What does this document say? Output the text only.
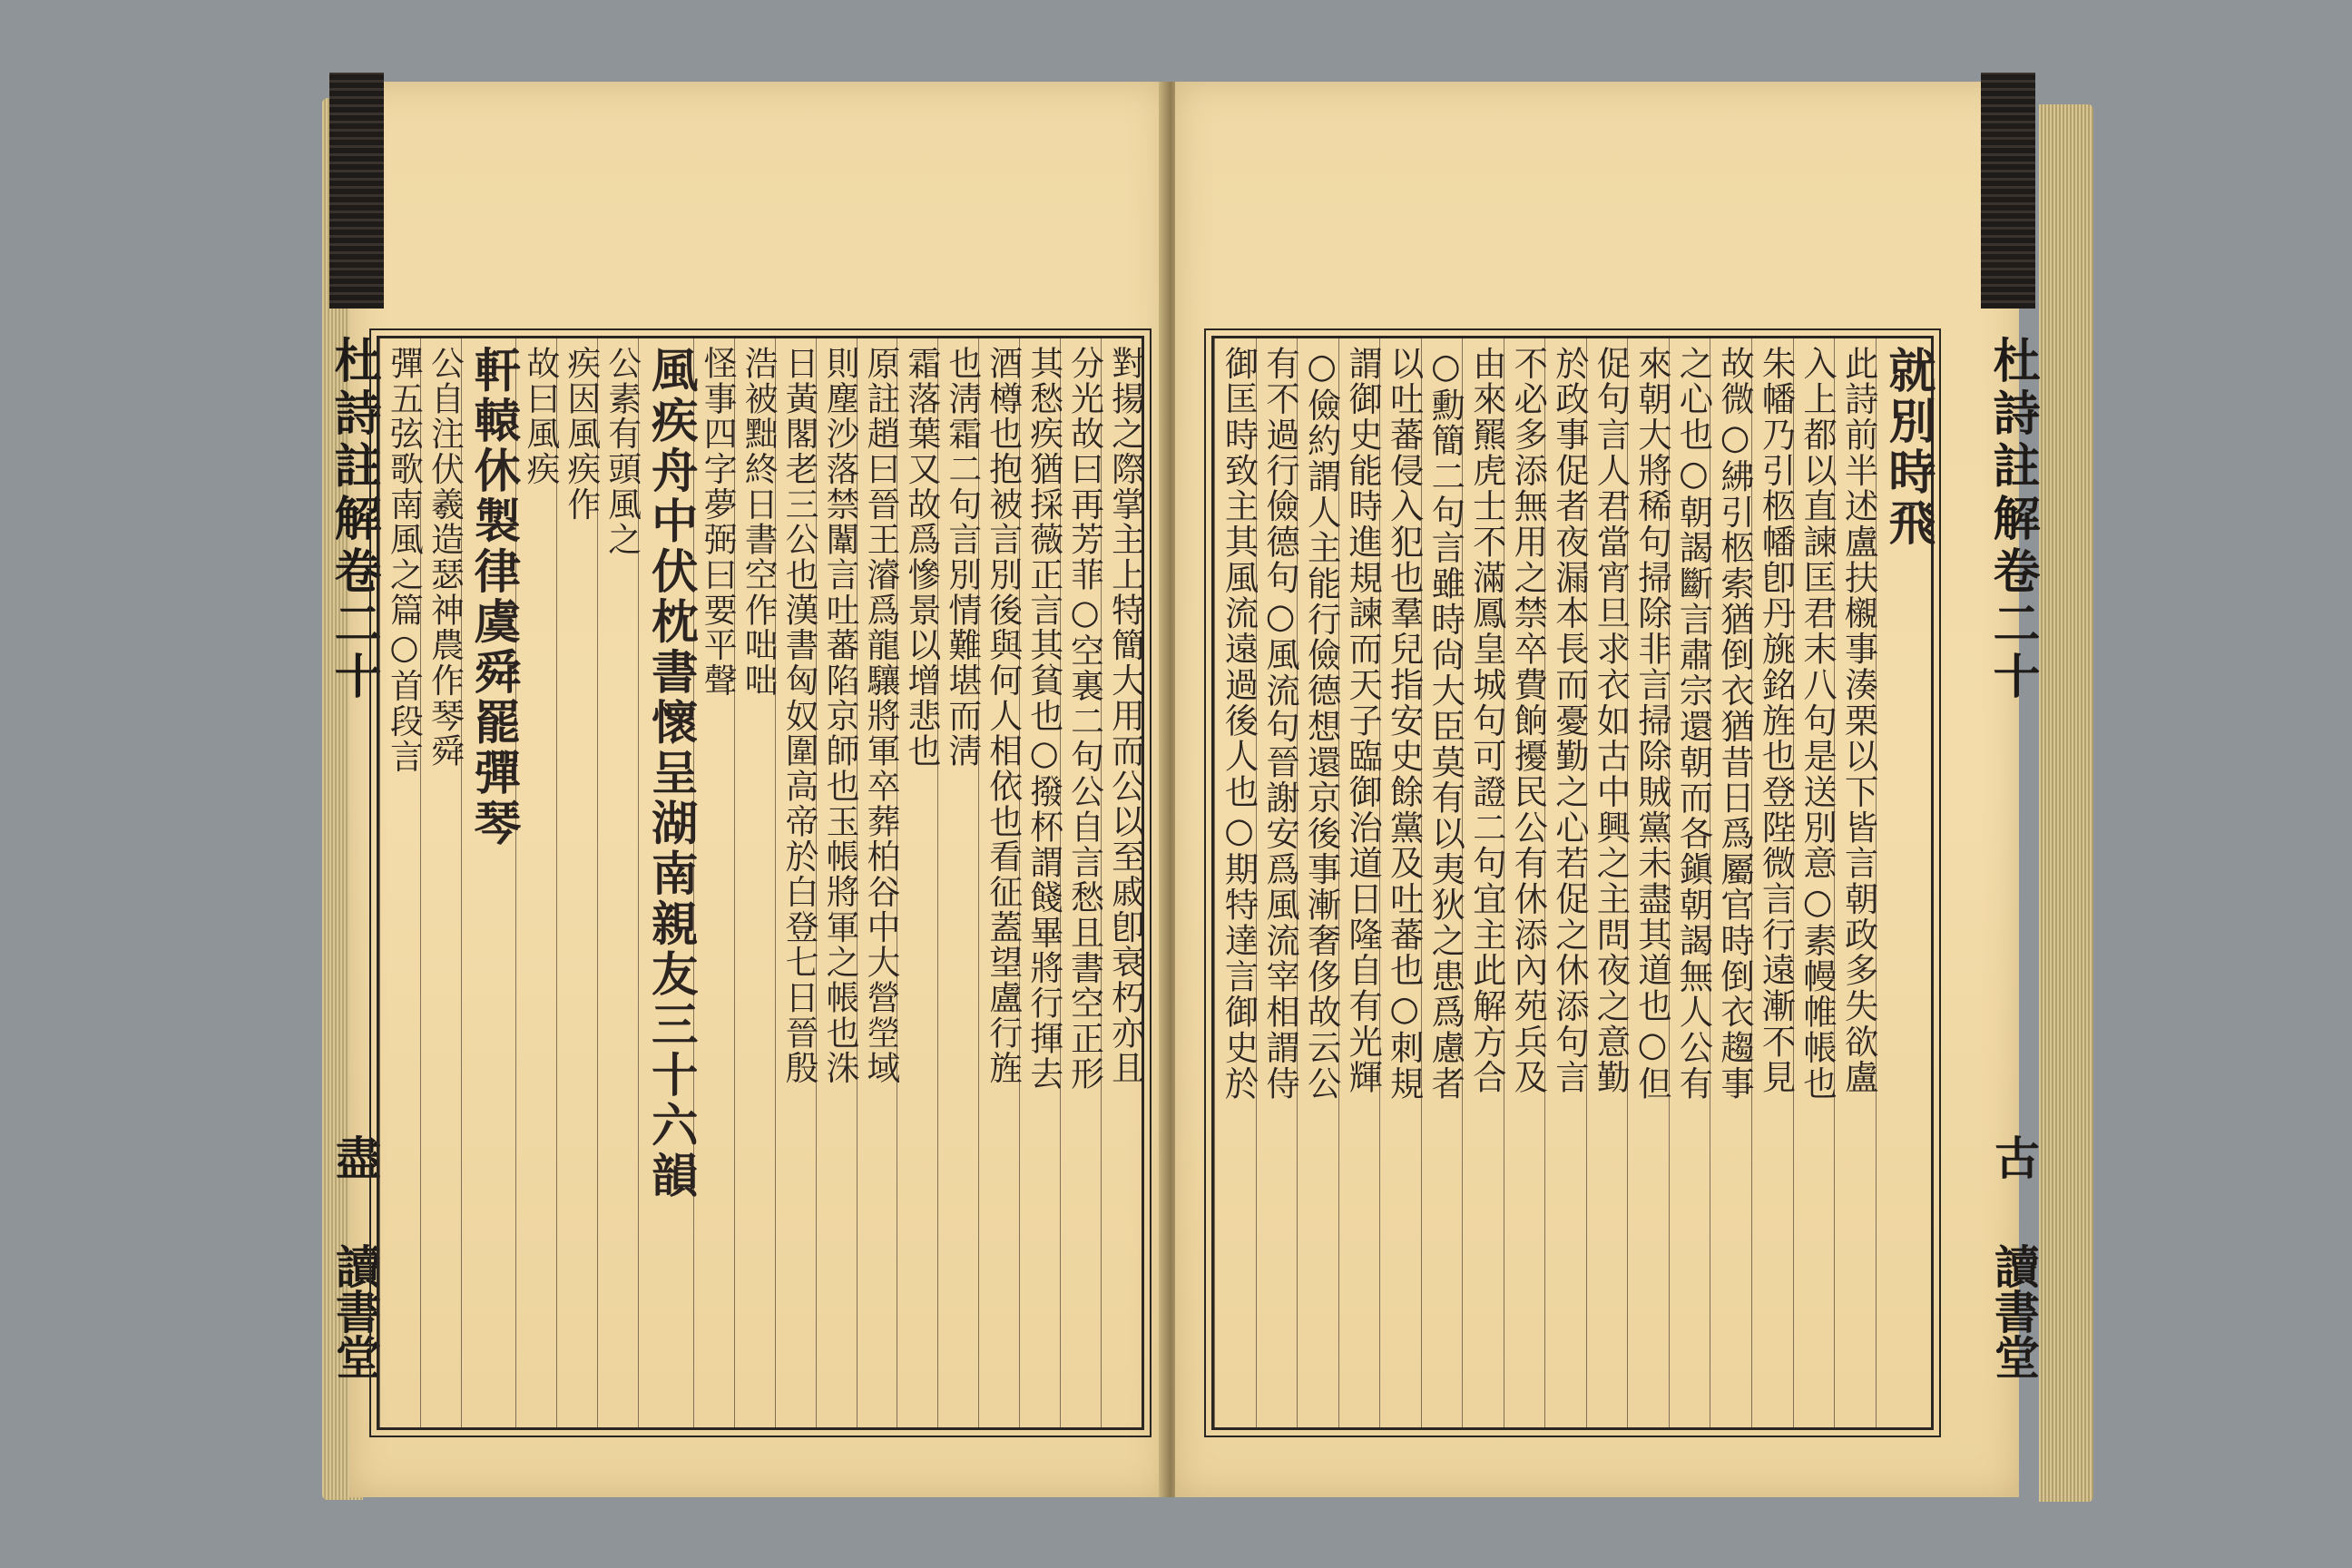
杜詩註解卷二十
盡
讀書堂
對揚之際掌主上特簡大用而公以至戚卽衰朽亦且
分光故曰再芳菲○空裏二句公自言愁且書空正形
其愁疾猶採薇正言其貧也○撥杯謂餞畢將行揮去
酒樽也抱被言別後與何人相依也看征蓋望盧行旌
也淸霜二句言別情難堪而淸
霜落葉又故爲慘景以增悲也
原註趙曰晉王濬爲龍驤將軍卒葬柏谷中大營塋域
則塵沙落禁闈言吐蕃陷京師也玉帳將軍之帳也洙
日黃閣老三公也漢書匈奴圍高帝於白登七日晉殷
浩被黜終日書空作咄咄
怪事四字夢弼曰要平聲
風疾舟中伏枕書懷呈湖南親友三十六韻
公素有頭風之
疾因風疾作
故曰風疾
軒轅休製律虞舜罷彈琴
公自注伏羲造瑟神農作琴舜
彈五弦歌南風之篇○首段言	杜詩註解卷二十
古
讀書堂
就別時飛
此詩前半述盧扶櫬事湊栗以下皆言朝政多失欲盧
入上都以直諫匡君末八句是送別意○素幔帷帳也
朱幡乃引柩幡卽丹旐銘旌也登陛微言行遠漸不見
故微○紼引柩索猶倒衣猶昔日爲屬官時倒衣趨事
之心也○朝謁斷言肅宗還朝而各鎭朝謁無人公有
來朝大將稀句掃除非言掃除賊黨未盡其道也○但
促句言人君當宵旦求衣如古中興之主問夜之意勤
於政事促者夜漏本長而憂勤之心若促之休添句言
不必多添無用之禁卒費餉擾民公有休添內苑兵及
由來羆虎士不滿鳳皇城句可證二句宜主此解方合
○勳簡二句言雖時尙大臣莫有以夷狄之患爲慮者
以吐蕃侵入犯也羣兒指安史餘黨及吐蕃也○刺規
謂御史能時進規諫而天子臨御治道日隆自有光輝
○儉約謂人主能行儉德想還京後事漸奢侈故云公
有不過行儉德句○風流句晉謝安爲風流宰相謂侍
御匡時致主其風流遠過後人也○期特達言御史於
